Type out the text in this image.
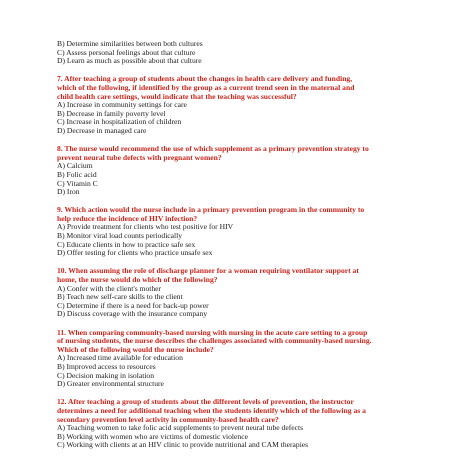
B) Determine similarities between both cultures
C) Assess personal feelings about that culture
D) Learn as much as possible about that culture
7. After teaching a group of students about the changes in health care delivery and funding,
which of the following, if identified by the group as a current trend seen in the maternal and
child health care settings, would indicate that the teaching was successful?
A) Increase in community settings for care
B) Decrease in family poverty level
C) Increase in hospitalization of children
D) Decrease in managed care
8. The nurse would recommend the use of which supplement as a primary prevention strategy to
prevent neural tube defects with pregnant women?
A) Calcium
B) Folic acid
C) Vitamin C
D) Iron
9. Which action would the nurse include in a primary prevention program in the community to
help reduce the incidence of HIV infection?
A) Provide treatment for clients who test positive for HIV
B) Monitor viral load counts periodically
C) Educate clients in how to practice safe sex
D) Offer testing for clients who practice unsafe sex
10. When assuming the role of discharge planner for a woman requiring ventilator support at
home, the nurse would do which of the following?
A) Confer with the client's mother
B) Teach new self-care skills to the client
C) Determine if there is a need for back-up power
D) Discuss coverage with the insurance company
11. When comparing community-based nursing with nursing in the acute care setting to a group
of nursing students, the nurse describes the challenges associated with community-based nursing.
Which of the following would the nurse include?
A) Increased time available for education
B) Improved access to resources
C) Decision making in isolation
D) Greater environmental structure
12. After teaching a group of students about the different levels of prevention, the instructor
determines a need for additional teaching when the students identify which of the following as a
secondary prevention level activity in community-based health care?
A) Teaching women to take folic acid supplements to prevent neural tube defects
B) Working with women who are victims of domestic violence
C) Working with clients at an HIV clinic to provide nutritional and CAM therapies
